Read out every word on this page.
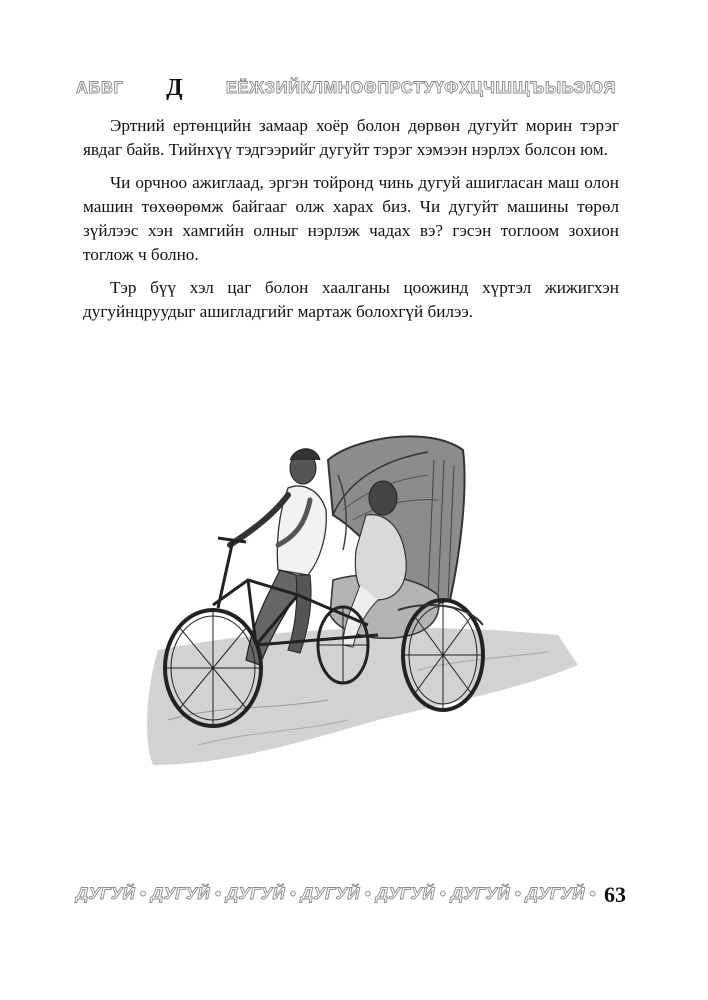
АБВГ Д	ЕЁЖЗИЙКЛМНОӨПРСТУҮФХЦЧШЩЪЫЬЭЮЯ

Эртний ертөнцийн замаар хоёр болон дөрвөн дугуйт морин тэрэг явдаг байв. Тийнхүү тэдгээрийг дугуйт тэрэг хэмээн нэрлэх болсон юм.

Чи орчноо ажиглаад, эргэн тойронд чинь дугуй ашигласан маш олон машин төхөөрөмж байгааг олж харах биз. Чи дугуйт машины төрөл зүйлээс хэн хамгийн олныг нэрлэж чадах вэ? гэсэн тоглоом зохион тоглож ч болно.

Тэр бүү хэл цаг болон хаалганы цоожинд хүртэл жижигхэн дугуйнцруудыг ашигладгийг мартаж болохгүй билээ.

ДУГУЙ • ДУГУЙ • ДУГУЙ • ДУГУЙ • ДУГУЙ • ДУГУЙ • ДУГУЙ • 63
